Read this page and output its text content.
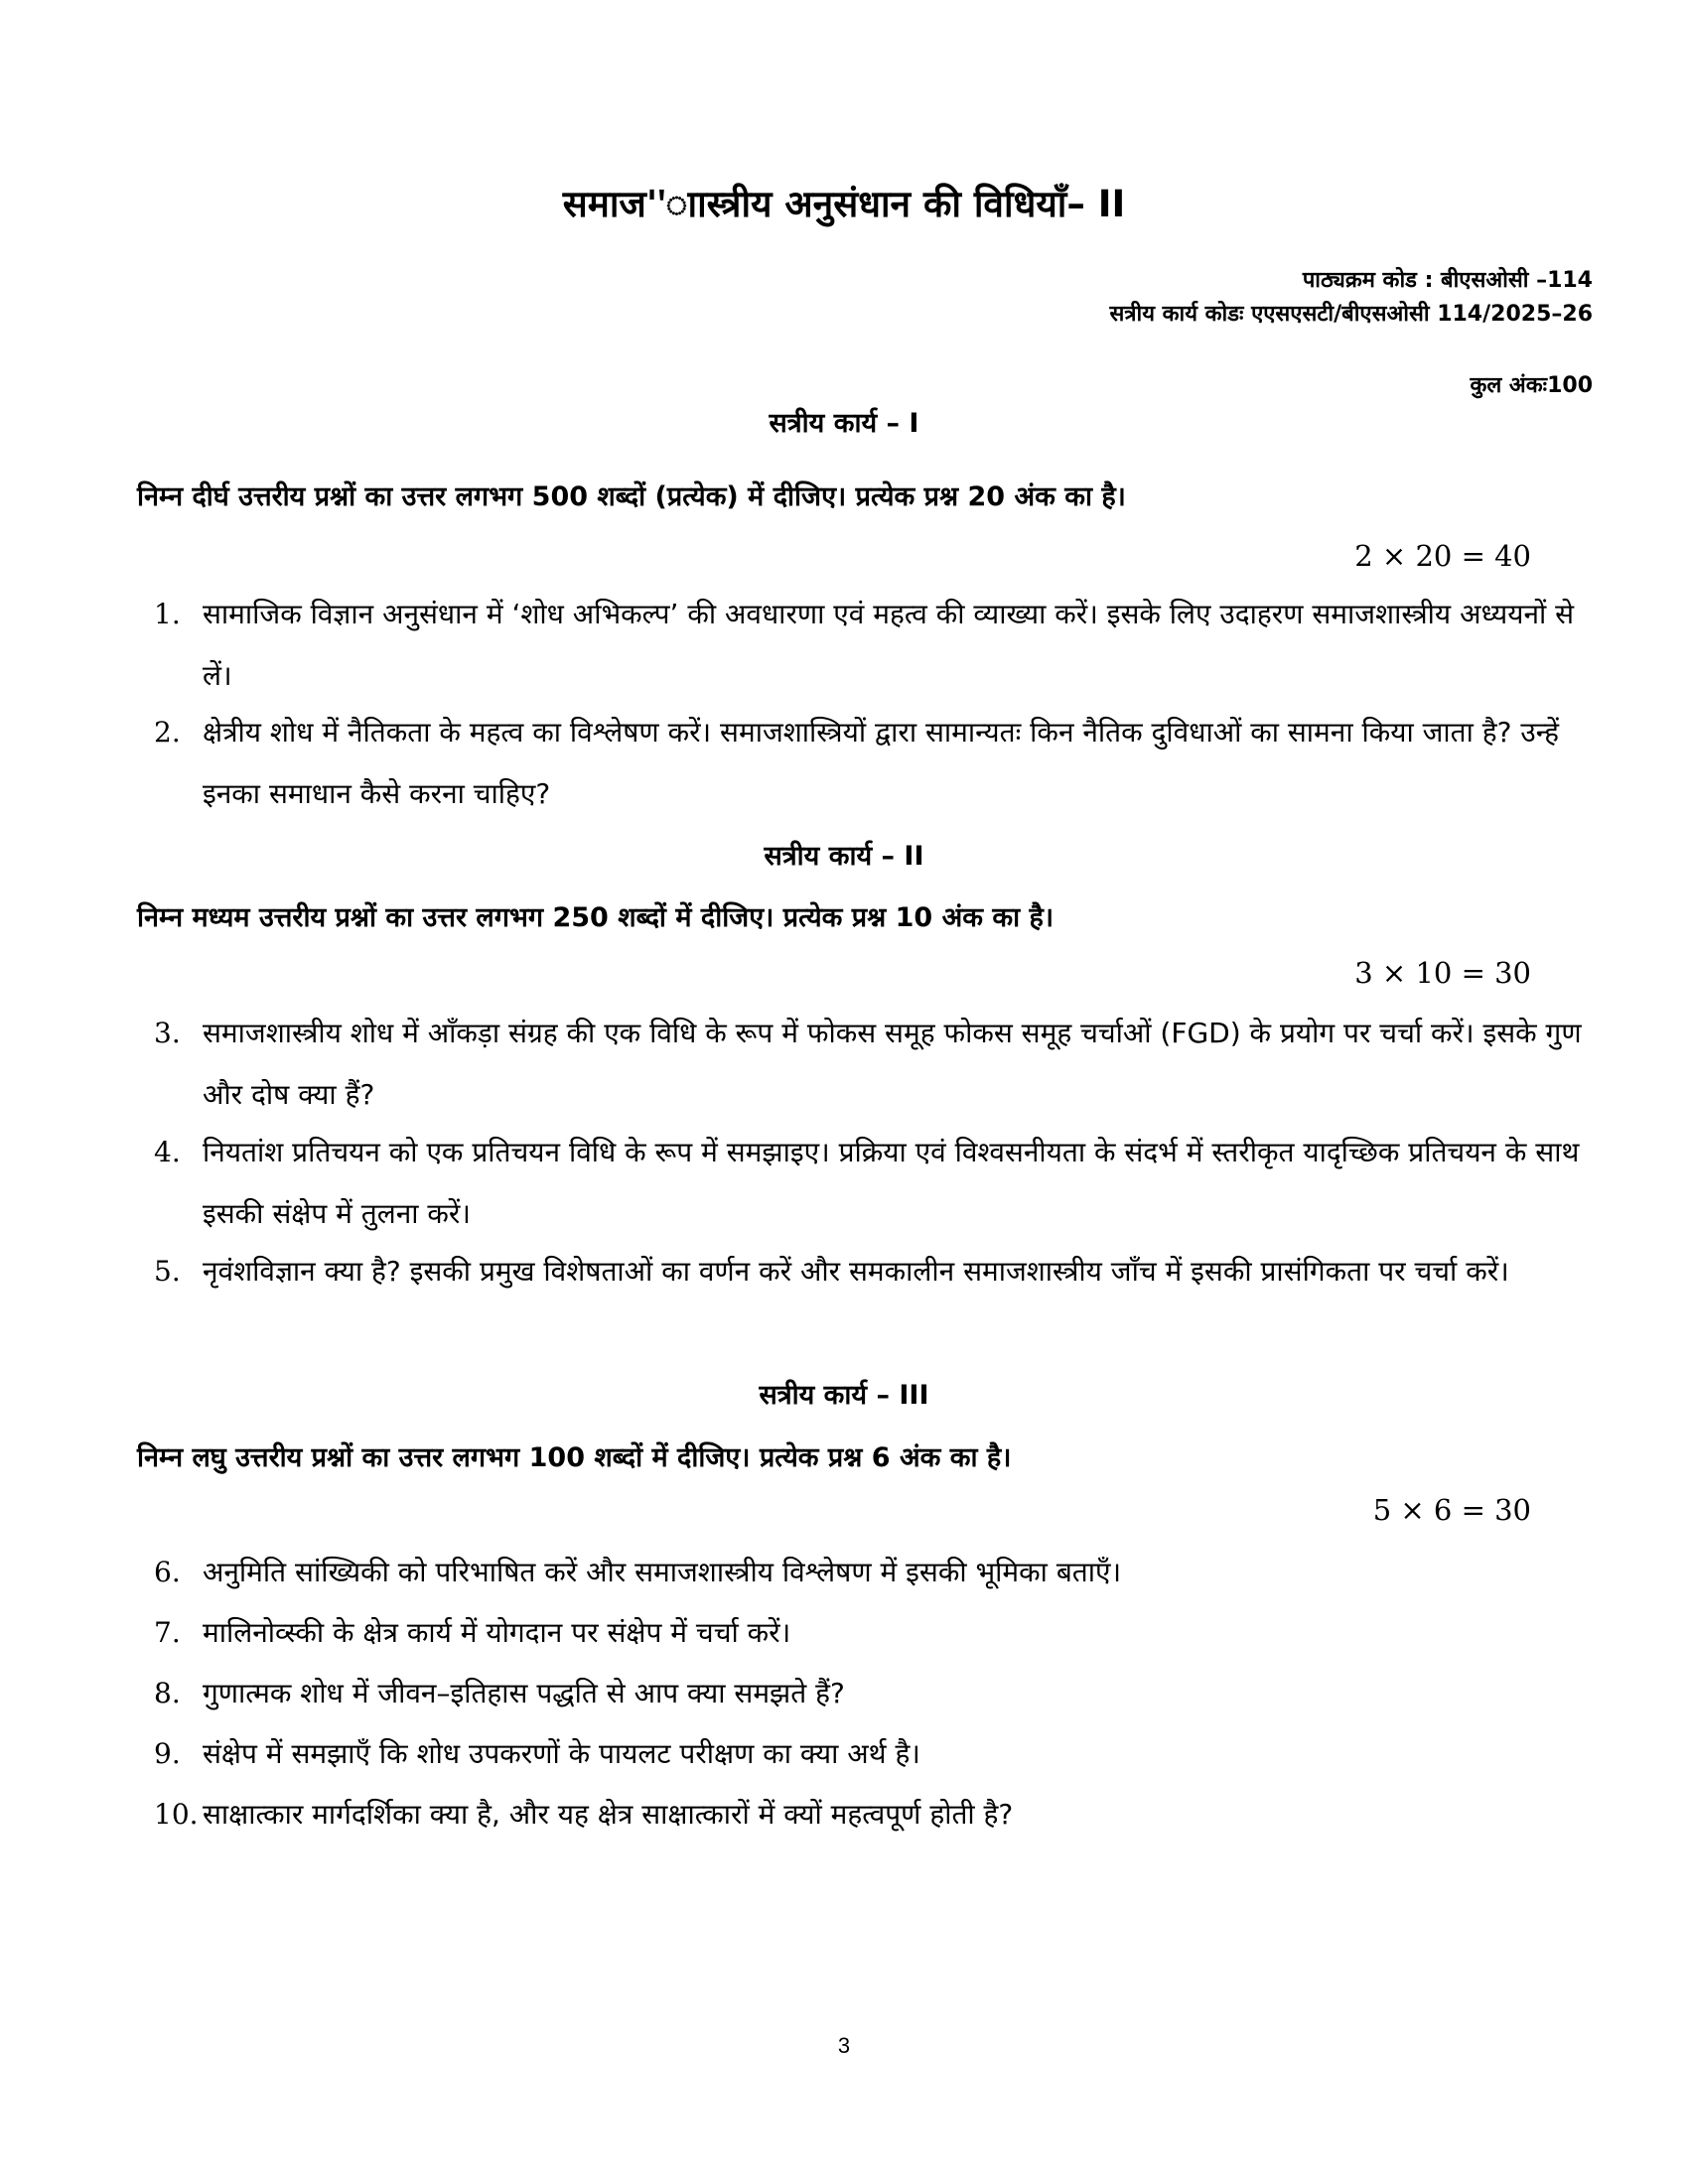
समाज''ाास्त्रीय अनुसंधान की विधियाँ– II
पाठ्यक्रम कोड : बीएसओसी –114
सत्रीय कार्य कोडः एएसएसटी/बीएसओसी 114/2025–26
कुल अंकः100
सत्रीय कार्य – I
निम्न दीर्घ उत्तरीय प्रश्नों का उत्तर लगभग 500 शब्दों (प्रत्येक) में दीजिए। प्रत्येक प्रश्न 20 अंक का है।
2 × 20 = 40
1. सामाजिक विज्ञान अनुसंधान में ‘शोध अभिकल्प’ की अवधारणा एवं महत्व की व्याख्या करें। इसके लिए उदाहरण समाजशास्त्रीय अध्ययनों से लें।
2. क्षेत्रीय शोध में नैतिकता के महत्व का विश्लेषण करें। समाजशास्त्रियों द्वारा सामान्यतः किन नैतिक दुविधाओं का सामना किया जाता है? उन्हें इनका समाधान कैसे करना चाहिए?
सत्रीय कार्य – II
निम्न मध्यम उत्तरीय प्रश्नों का उत्तर लगभग 250 शब्दों में दीजिए। प्रत्येक प्रश्न 10 अंक का है।
3 × 10 = 30
3. समाजशास्त्रीय शोध में आँकड़ा संग्रह की एक विधि के रूप में फोकस समूह फोकस समूह चर्चाओं (FGD) के प्रयोग पर चर्चा करें। इसके गुण और दोष क्या हैं?
4. नियतांश प्रतिचयन को एक प्रतिचयन विधि के रूप में समझाइए। प्रक्रिया एवं विश्वसनीयता के संदर्भ में स्तरीकृत यादृच्छिक प्रतिचयन के साथ इसकी संक्षेप में तुलना करें।
5. नृवंशविज्ञान क्या है? इसकी प्रमुख विशेषताओं का वर्णन करें और समकालीन समाजशास्त्रीय जाँच में इसकी प्रासंगिकता पर चर्चा करें।
सत्रीय कार्य – III
निम्न लघु उत्तरीय प्रश्नों का उत्तर लगभग 100 शब्दों में दीजिए। प्रत्येक प्रश्न 6 अंक का है।
5 × 6 = 30
6. अनुमिति सांख्यिकी को परिभाषित करें और समाजशास्त्रीय विश्लेषण में इसकी भूमिका बताएँ।
7. मालिनोव्स्की के क्षेत्र कार्य में योगदान पर संक्षेप में चर्चा करें।
8. गुणात्मक शोध में जीवन–इतिहास पद्धति से आप क्या समझते हैं?
9. संक्षेप में समझाएँ कि शोध उपकरणों के पायलट परीक्षण का क्या अर्थ है।
10. साक्षात्कार मार्गदर्शिका क्या है, और यह क्षेत्र साक्षात्कारों में क्यों महत्वपूर्ण होती है?
3
